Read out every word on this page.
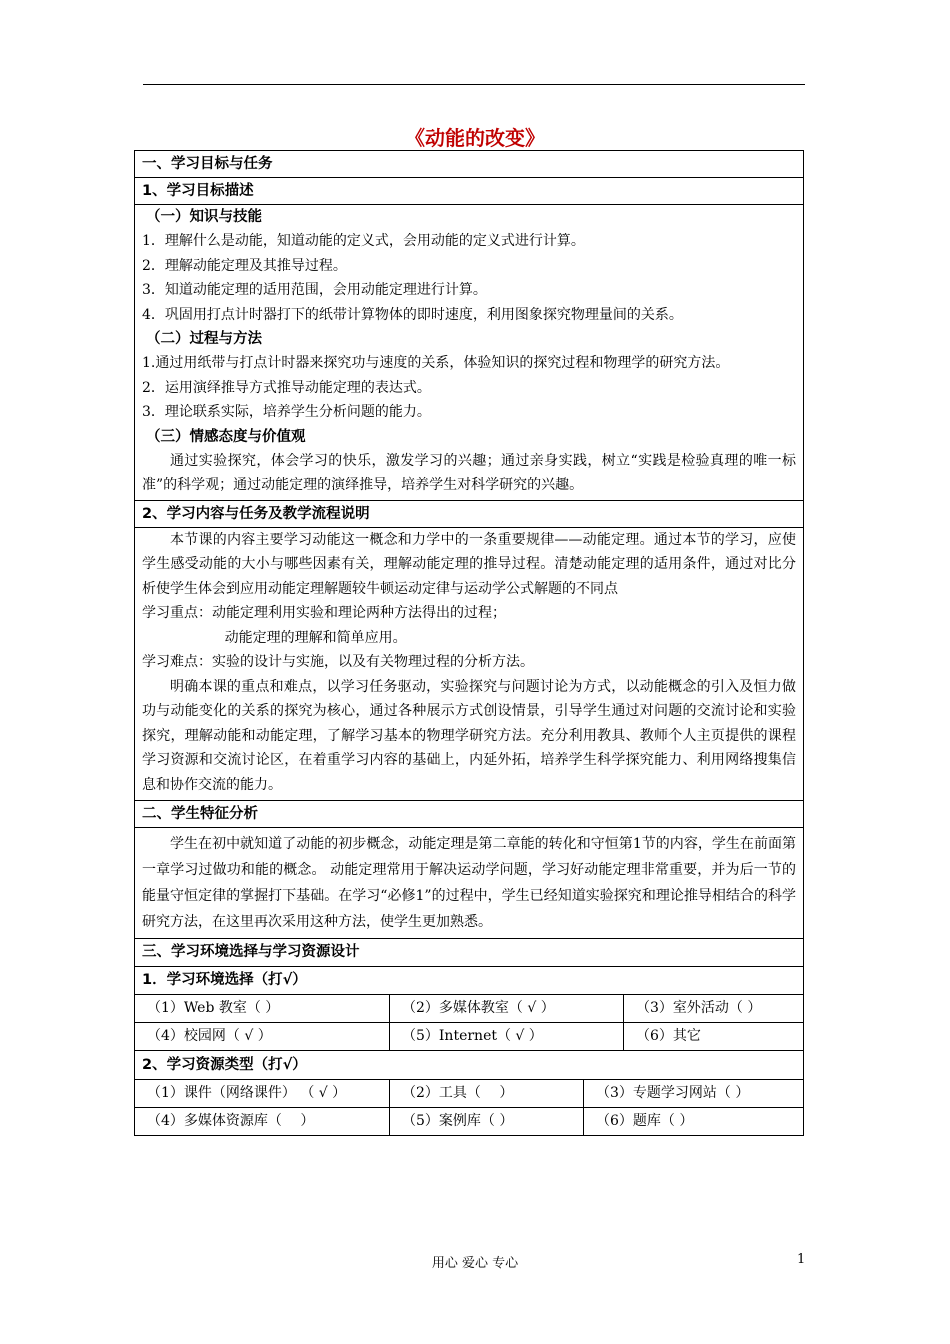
《动能的改变》
一、学习目标与任务
1、学习目标描述
（一）知识与技能
1．理解什么是动能，知道动能的定义式，会用动能的定义式进行计算。
2．理解动能定理及其推导过程。
3．知道动能定理的适用范围，会用动能定理进行计算。
4．巩固用打点计时器打下的纸带计算物体的即时速度，利用图象探究物理量间的关系。
（二）过程与方法
1.通过用纸带与打点计时器来探究功与速度的关系，体验知识的探究过程和物理学的研究方法。
2．运用演绎推导方式推导动能定理的表达式。
3．理论联系实际，培养学生分析问题的能力。
（三）情感态度与价值观
通过实验探究，体会学习的快乐，激发学习的兴趣；通过亲身实践，树立“实践是检验真理的唯一标准”的科学观；通过动能定理的演绎推导，培养学生对科学研究的兴趣。
2、学习内容与任务及教学流程说明
本节课的内容主要学习动能这一概念和力学中的一条重要规律——动能定理。通过本节的学习，应使学生感受动能的大小与哪些因素有关，理解动能定理的推导过程。清楚动能定理的适用条件，通过对比分析使学生体会到应用动能定理解题较牛顿运动定律与运动学公式解题的不同点
学习重点：动能定理利用实验和理论两种方法得出的过程；
动能定理的理解和简单应用。
学习难点：实验的设计与实施，以及有关物理过程的分析方法。
明确本课的重点和难点，以学习任务驱动，实验探究与问题讨论为方式，以动能概念的引入及恒力做功与动能变化的关系的探究为核心，通过各种展示方式创设情景，引导学生通过对问题的交流讨论和实验探究，理解动能和动能定理，了解学习基本的物理学研究方法。充分利用教具、教师个人主页提供的课程学习资源和交流讨论区，在着重学习内容的基础上，内延外拓，培养学生科学探究能力、利用网络搜集信息和协作交流的能力。
二、学生特征分析
学生在初中就知道了动能的初步概念，动能定理是第二章能的转化和守恒第1节的内容，学生在前面第一章学习过做功和能的概念。 动能定理常用于解决运动学问题，学习好动能定理非常重要，并为后一节的能量守恒定律的掌握打下基础。在学习“必修1”的过程中，学生已经知道实验探究和理论推导相结合的科学研究方法，在这里再次采用这种方法，使学生更加熟悉。
三、学习环境选择与学习资源设计
1．学习环境选择（打√）
（1）Web 教室（ ）	（2）多媒体教室（ √ ）	（3）室外活动（ ）
（4）校园网（ √ ）	（5）Internet（ √ ）	（6）其它
2、学习资源类型（打√）
（1）课件（网络课件） （ √ ）	（2）工具（　 ）	（3）专题学习网站（ ）
（4）多媒体资源库（　 ）	（5）案例库（ ）	（6）题库（ ）
用心 爱心 专心	1
